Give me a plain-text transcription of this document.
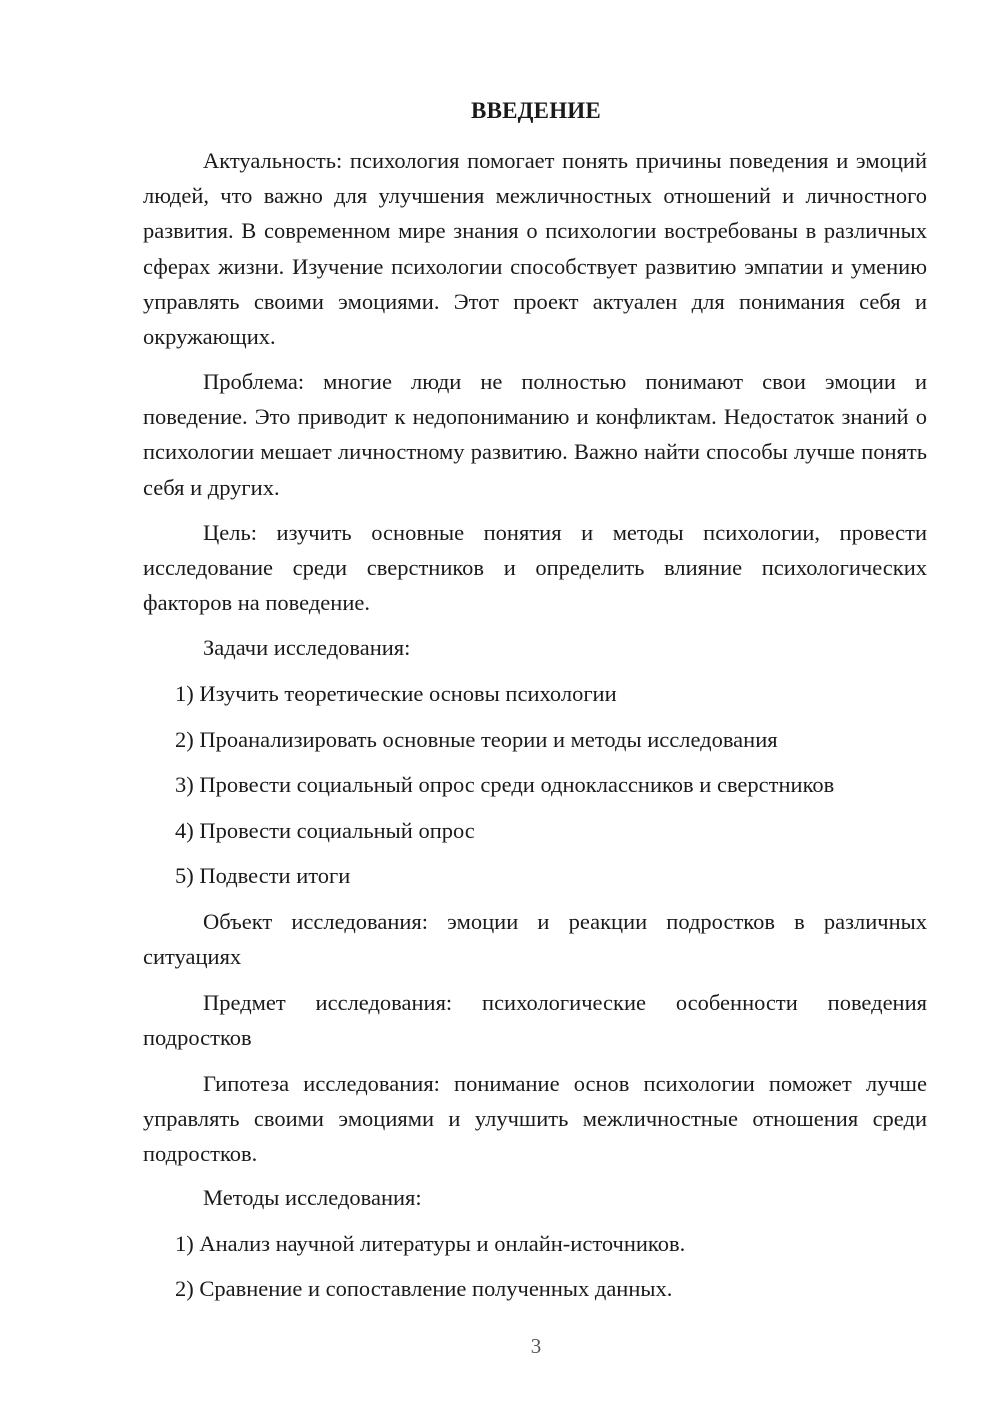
ВВЕДЕНИЕ

Актуальность: психология помогает понять причины поведения и эмоций людей, что важно для улучшения межличностных отношений и личностного развития. В современном мире знания о психологии востребованы в различных сферах жизни. Изучение психологии способствует развитию эмпатии и умению управлять своими эмоциями. Этот проект актуален для понимания себя и окружающих.

Проблема: многие люди не полностью понимают свои эмоции и поведение. Это приводит к недопониманию и конфликтам. Недостаток знаний о психологии мешает личностному развитию. Важно найти способы лучше понять себя и других.

Цель: изучить основные понятия и методы психологии, провести исследование среди сверстников и определить влияние психологических факторов на поведение.

Задачи исследования:

1) Изучить теоретические основы психологии

2) Проанализировать основные теории и методы исследования

3) Провести социальный опрос среди одноклассников и сверстников

4) Провести социальный опрос

5) Подвести итоги

Объект исследования: эмоции и реакции подростков в различных ситуациях

Предмет исследования: психологические особенности поведения подростков

Гипотеза исследования: понимание основ психологии поможет лучше управлять своими эмоциями и улучшить межличностные отношения среди подростков.

Методы исследования:

1) Анализ научной литературы и онлайн-источников.

2) Сравнение и сопоставление полученных данных.

3
